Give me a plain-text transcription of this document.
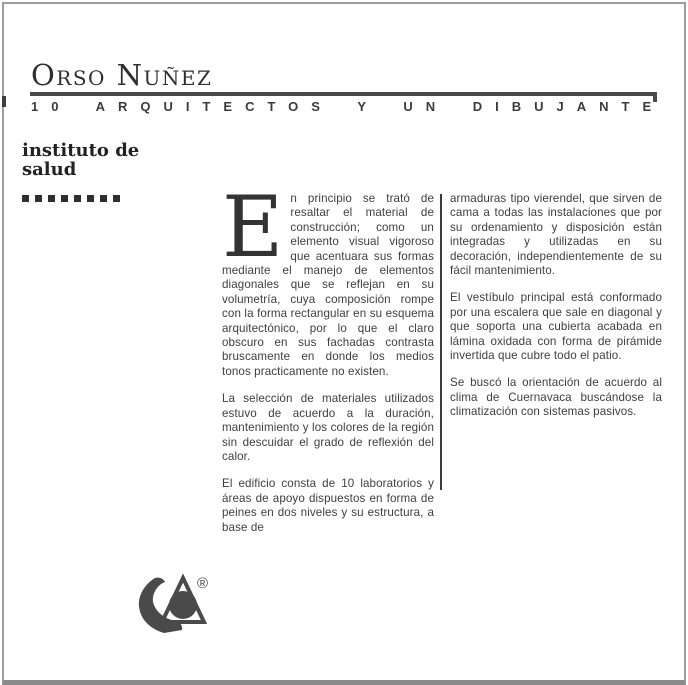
Orso Nuñez
10 ARQUITECTOS Y UN DIBUJANTE
instituto de
salud

En principio se trató de resaltar el material de construcción; como un elemento visual vigoroso que acentuara sus formas mediante el manejo de elementos diagonales que se reflejan en su volumetría, cuya composición rompe con la forma rectangular en su esquema arquitectónico, por lo que el claro obscuro en sus fachadas contrasta bruscamente en donde los medios tonos practicamente no existen.

La selección de materiales utilizados estuvo de acuerdo a la duración, mantenimiento y los colores de la región sin descuidar el grado de reflexión del calor.

El edificio consta de 10 laboratorios y áreas de apoyo dispuestos en forma de peines en dos niveles y su estructura, a base de

armaduras tipo vierendel, que sirven de cama a todas las instalaciones que por su ordenamiento y disposición están integradas y utilizadas en su decoración, independientemente de su fácil mantenimiento.

El vestíbulo principal está conformado por una escalera que sale en diagonal y que soporta una cubierta acabada en lámina oxidada con forma de pirámide invertida que cubre todo el patio.

Se buscó la orientación de acuerdo al clima de Cuernavaca buscándose la climatización con sistemas pasivos.

®
